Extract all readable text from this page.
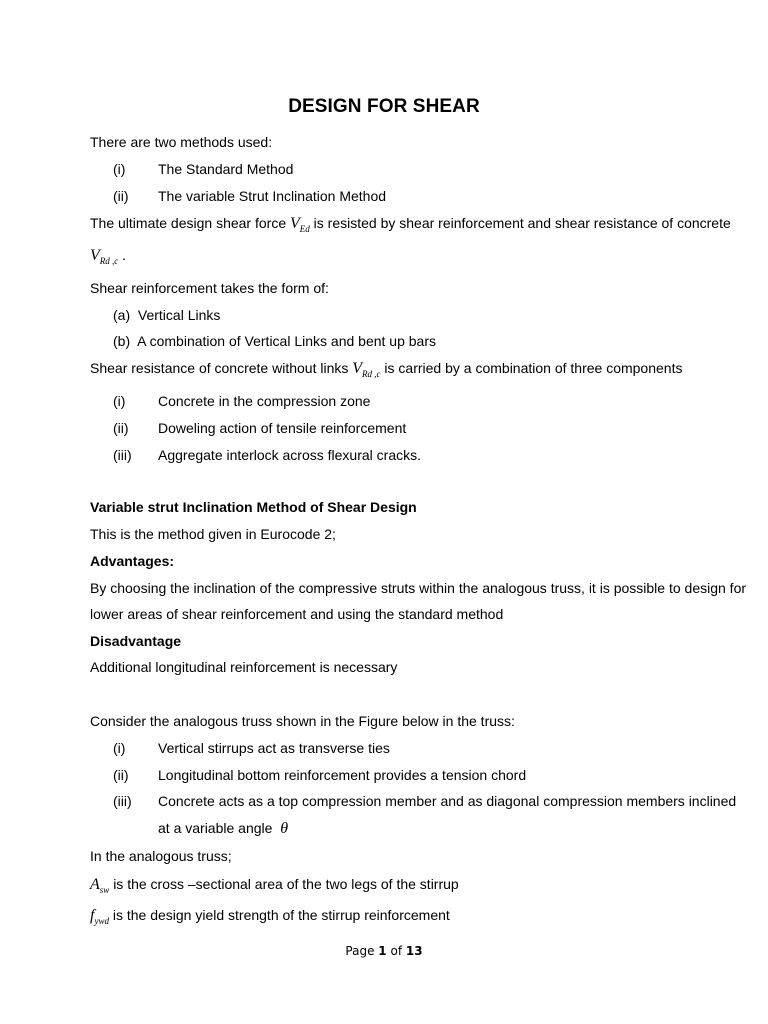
DESIGN FOR SHEAR
There are two methods used:
(i) The Standard Method
(ii) The variable Strut Inclination Method
The ultimate design shear force $V_{Ed}$ is resisted by shear reinforcement and shear resistance of concrete
$V_{Rd ,c}$ .
Shear reinforcement takes the form of:
(a) Vertical Links
(b) A combination of Vertical Links and bent up bars
Shear resistance of concrete without links $V_{Rd ,c}$ is carried by a combination of three components
(i) Concrete in the compression zone
(ii) Doweling action of tensile reinforcement
(iii) Aggregate interlock across flexural cracks.
Variable strut Inclination Method of Shear Design
This is the method given in Eurocode 2;
Advantages:
By choosing the inclination of the compressive struts within the analogous truss, it is possible to design for
lower areas of shear reinforcement and using the standard method
Disadvantage
Additional longitudinal reinforcement is necessary
Consider the analogous truss shown in the Figure below in the truss:
(i) Vertical stirrups act as transverse ties
(ii) Longitudinal bottom reinforcement provides a tension chord
(iii) Concrete acts as a top compression member and as diagonal compression members inclined
at a variable angle θ
In the analogous truss;
$A_{sw}$ is the cross –sectional area of the two legs of the stirrup
$f_{ywd}$ is the design yield strength of the stirrup reinforcement
Page 1 of 13
